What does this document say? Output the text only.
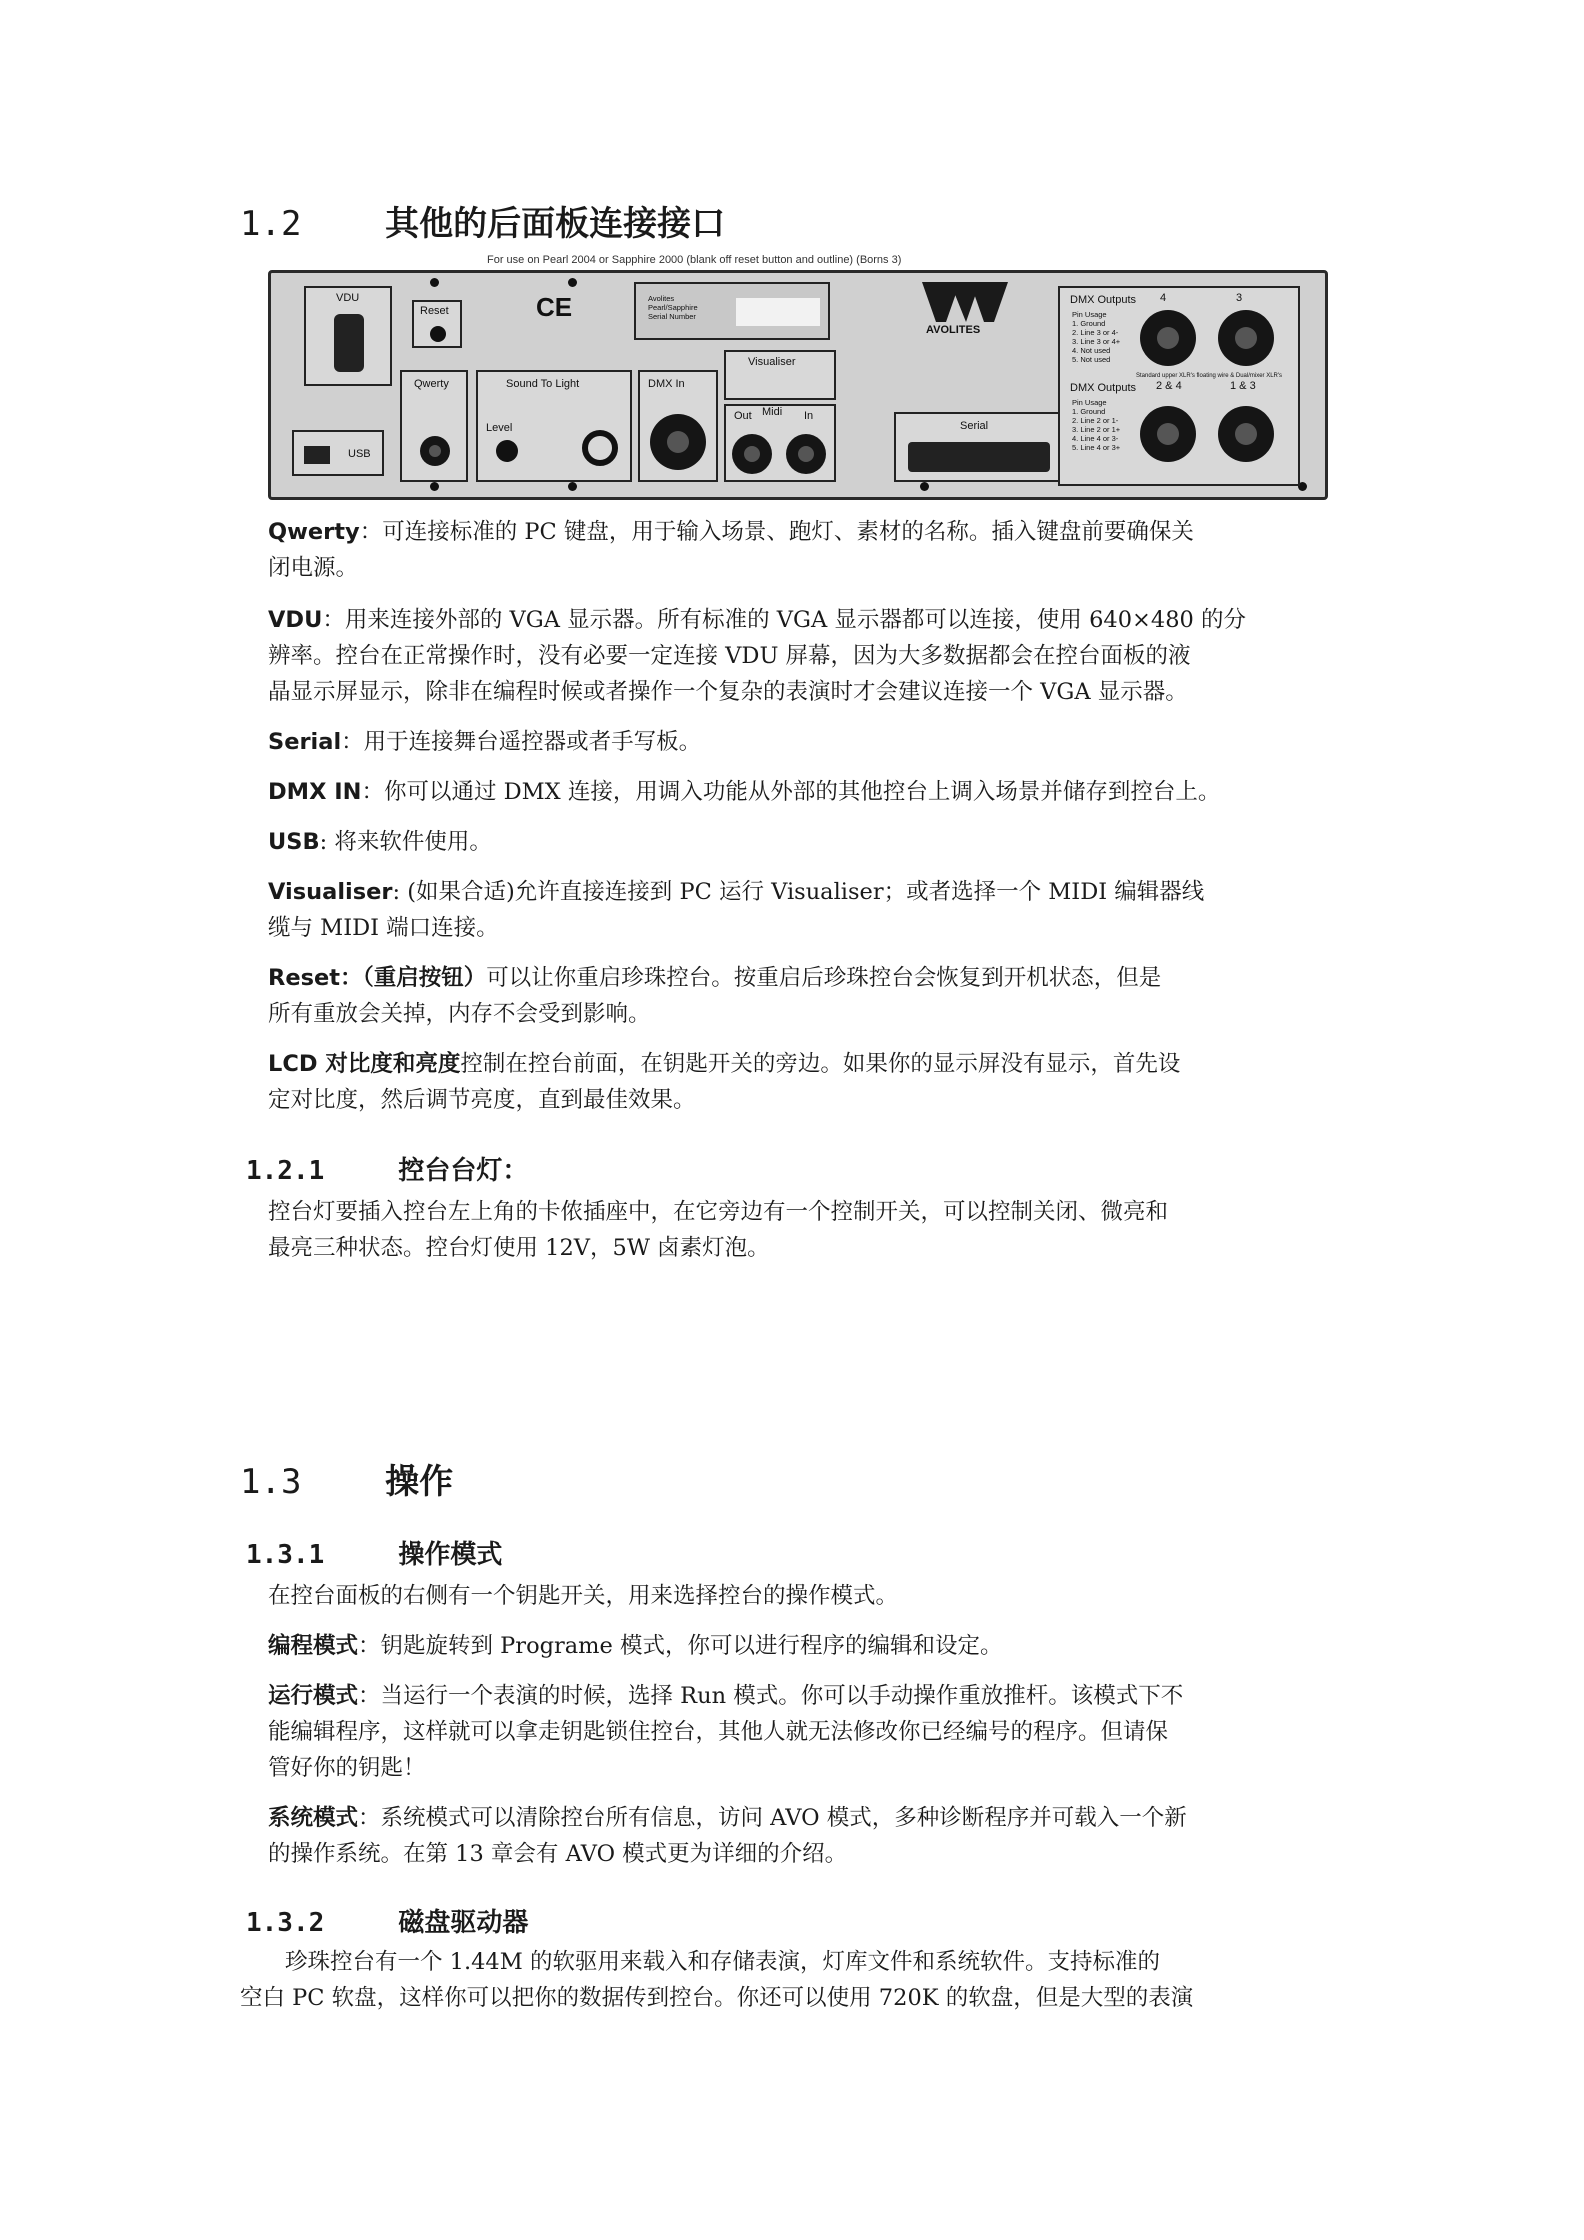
1.2 其他的后面板连接接口
For use on Pearl 2004 or Sapphire 2000 (blank off reset button and outline) (Borns 3)
VDU
Reset	CE	Avolites
Pearl/Sapphire
Serial Number
AVOLITES
USB
Qwerty	Sound To Light
Level
DMX In
Visualiser
Out Midi In
Serial
DMX Outputs 4	3
Pin Usage
1. Ground
2. Line 3 or 4-
3. Line 3 or 4+
4. Not used
5. Not used
Standard upper XLR's floating wire & Dual/mixer XLR's
DMX Outputs 2 & 4	1 & 3
Pin Usage
1. Ground
2. Line 2 or 1-
3. Line 2 or 1+
4. Line 4 or 3-
5. Line 4 or 3+
Qwerty：可连接标准的 PC 键盘，用于输入场景、跑灯、素材的名称。插入键盘前要确保关
闭电源。
VDU：用来连接外部的 VGA 显示器。所有标准的 VGA 显示器都可以连接，使用 640×480 的分
辨率。控台在正常操作时，没有必要一定连接 VDU 屏幕，因为大多数据都会在控台面板的液
晶显示屏显示，除非在编程时候或者操作一个复杂的表演时才会建议连接一个 VGA 显示器。
Serial：用于连接舞台遥控器或者手写板。
DMX IN：你可以通过 DMX 连接，用调入功能从外部的其他控台上调入场景并储存到控台上。
USB: 将来软件使用。
Visualiser: (如果合适)允许直接连接到 PC 运行 Visualiser；或者选择一个 MIDI 编辑器线
缆与 MIDI 端口连接。
Reset：（重启按钮）可以让你重启珍珠控台。按重启后珍珠控台会恢复到开机状态，但是
所有重放会关掉，内存不会受到影响。
LCD 对比度和亮度控制在控台前面，在钥匙开关的旁边。如果你的显示屏没有显示，首先设
定对比度，然后调节亮度，直到最佳效果。
1.2.1	控台台灯：
控台灯要插入控台左上角的卡侬插座中，在它旁边有一个控制开关，可以控制关闭、微亮和
最亮三种状态。控台灯使用 12V，5W 卤素灯泡。
1.3 操作
1.3.1	操作模式
在控台面板的右侧有一个钥匙开关，用来选择控台的操作模式。
编程模式：钥匙旋转到 Programe 模式，你可以进行程序的编辑和设定。
运行模式：当运行一个表演的时候，选择 Run 模式。你可以手动操作重放推杆。该模式下不
能编辑程序，这样就可以拿走钥匙锁住控台，其他人就无法修改你已经编号的程序。但请保
管好你的钥匙！
系统模式：系统模式可以清除控台所有信息，访问 AVO 模式，多种诊断程序并可载入一个新
的操作系统。在第 13 章会有 AVO 模式更为详细的介绍。
1.3.2	磁盘驱动器
　　珍珠控台有一个 1.44M 的软驱用来载入和存储表演，灯库文件和系统软件。支持标准的
空白 PC 软盘，这样你可以把你的数据传到控台。你还可以使用 720K 的软盘，但是大型的表演
